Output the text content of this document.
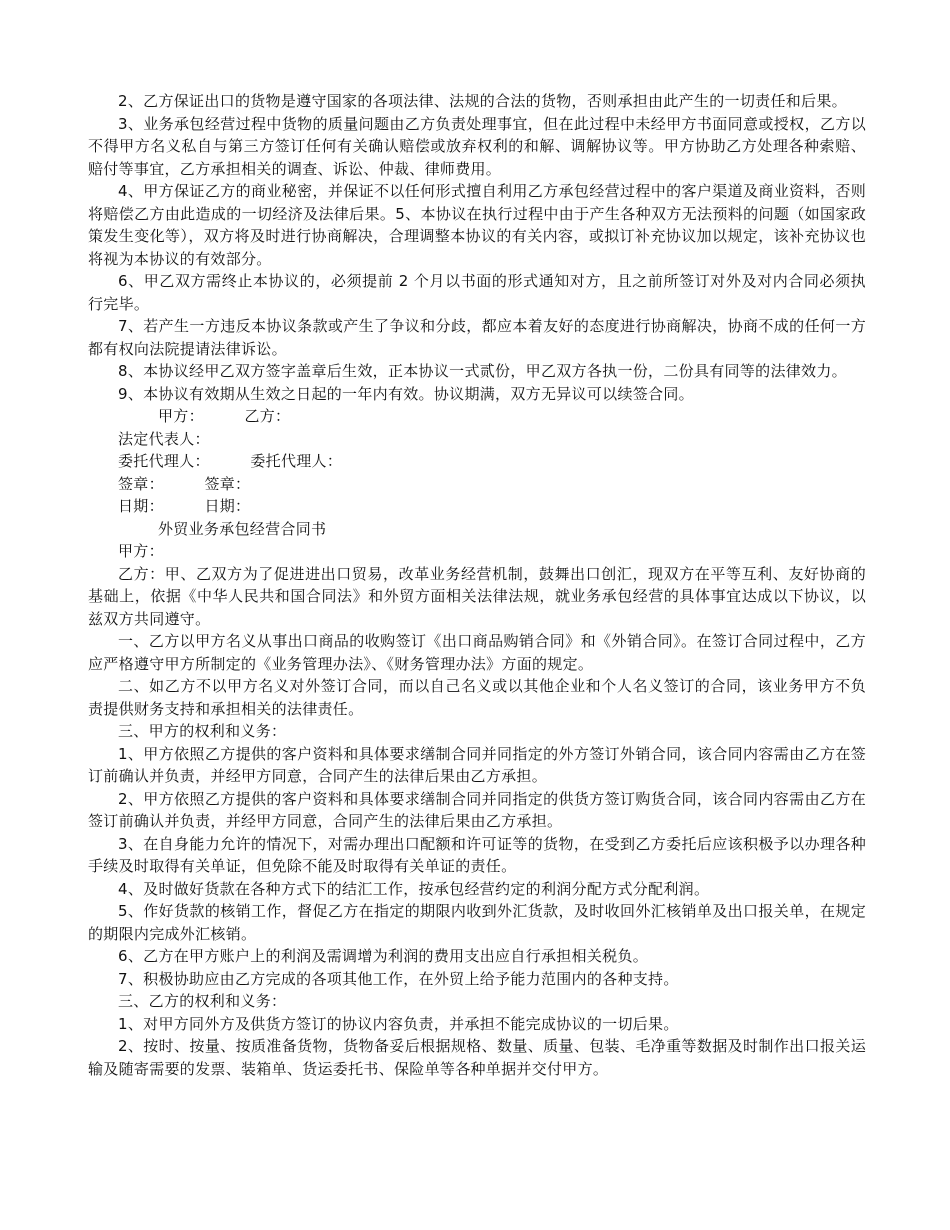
2、乙方保证出口的货物是遵守国家的各项法律、法规的合法的货物，否则承担由此产生的一切责任和后果。

3、业务承包经营过程中货物的质量问题由乙方负责处理事宜，但在此过程中未经甲方书面同意或授权，乙方以不得甲方名义私自与第三方签订任何有关确认赔偿或放弃权利的和解、调解协议等。甲方协助乙方处理各种索赔、赔付等事宜，乙方承担相关的调查、诉讼、仲裁、律师费用。

4、甲方保证乙方的商业秘密，并保证不以任何形式擅自利用乙方承包经营过程中的客户渠道及商业资料，否则将赔偿乙方由此造成的一切经济及法律后果。5、本协议在执行过程中由于产生各种双方无法预料的问题（如国家政策发生变化等），双方将及时进行协商解决，合理调整本协议的有关内容，或拟订补充协议加以规定，该补充协议也将视为本协议的有效部分。

6、甲乙双方需终止本协议的，必须提前 2 个月以书面的形式通知对方，且之前所签订对外及对内合同必须执行完毕。

7、若产生一方违反本协议条款或产生了争议和分歧，都应本着友好的态度进行协商解决，协商不成的任何一方都有权向法院提请法律诉讼。

8、本协议经甲乙双方签字盖章后生效，正本协议一式贰份，甲乙双方各执一份，二份具有同等的法律效力。

9、本协议有效期从生效之日起的一年内有效。协议期满，双方无异议可以续签合同。

甲方：        乙方：

法定代表人：

委托代理人：        委托代理人：

签章：        签章：

日期：        日期：

外贸业务承包经营合同书

甲方：

乙方：甲、乙双方为了促进进出口贸易，改革业务经营机制，鼓舞出口创汇，现双方在平等互利、友好协商的基础上，依据《中华人民共和国合同法》和外贸方面相关法律法规，就业务承包经营的具体事宜达成以下协议，以兹双方共同遵守。

一、乙方以甲方名义从事出口商品的收购签订《出口商品购销合同》和《外销合同》。在签订合同过程中，乙方应严格遵守甲方所制定的《业务管理办法》、《财务管理办法》方面的规定。

二、如乙方不以甲方名义对外签订合同，而以自己名义或以其他企业和个人名义签订的合同，该业务甲方不负责提供财务支持和承担相关的法律责任。

三、甲方的权利和义务：

1、甲方依照乙方提供的客户资料和具体要求缮制合同并同指定的外方签订外销合同，该合同内容需由乙方在签订前确认并负责，并经甲方同意，合同产生的法律后果由乙方承担。

2、甲方依照乙方提供的客户资料和具体要求缮制合同并同指定的供货方签订购货合同，该合同内容需由乙方在签订前确认并负责，并经甲方同意，合同产生的法律后果由乙方承担。

3、在自身能力允许的情况下，对需办理出口配额和许可证等的货物，在受到乙方委托后应该积极予以办理各种手续及时取得有关单证，但免除不能及时取得有关单证的责任。

4、及时做好货款在各种方式下的结汇工作，按承包经营约定的利润分配方式分配利润。

5、作好货款的核销工作，督促乙方在指定的期限内收到外汇货款，及时收回外汇核销单及出口报关单，在规定的期限内完成外汇核销。

6、乙方在甲方账户上的利润及需调增为利润的费用支出应自行承担相关税负。

7、积极协助应由乙方完成的各项其他工作，在外贸上给予能力范围内的各种支持。

三、乙方的权利和义务：

1、对甲方同外方及供货方签订的协议内容负责，并承担不能完成协议的一切后果。

2、按时、按量、按质准备货物，货物备妥后根据规格、数量、质量、包装、毛净重等数据及时制作出口报关运输及随寄需要的发票、装箱单、货运委托书、保险单等各种单据并交付甲方。
